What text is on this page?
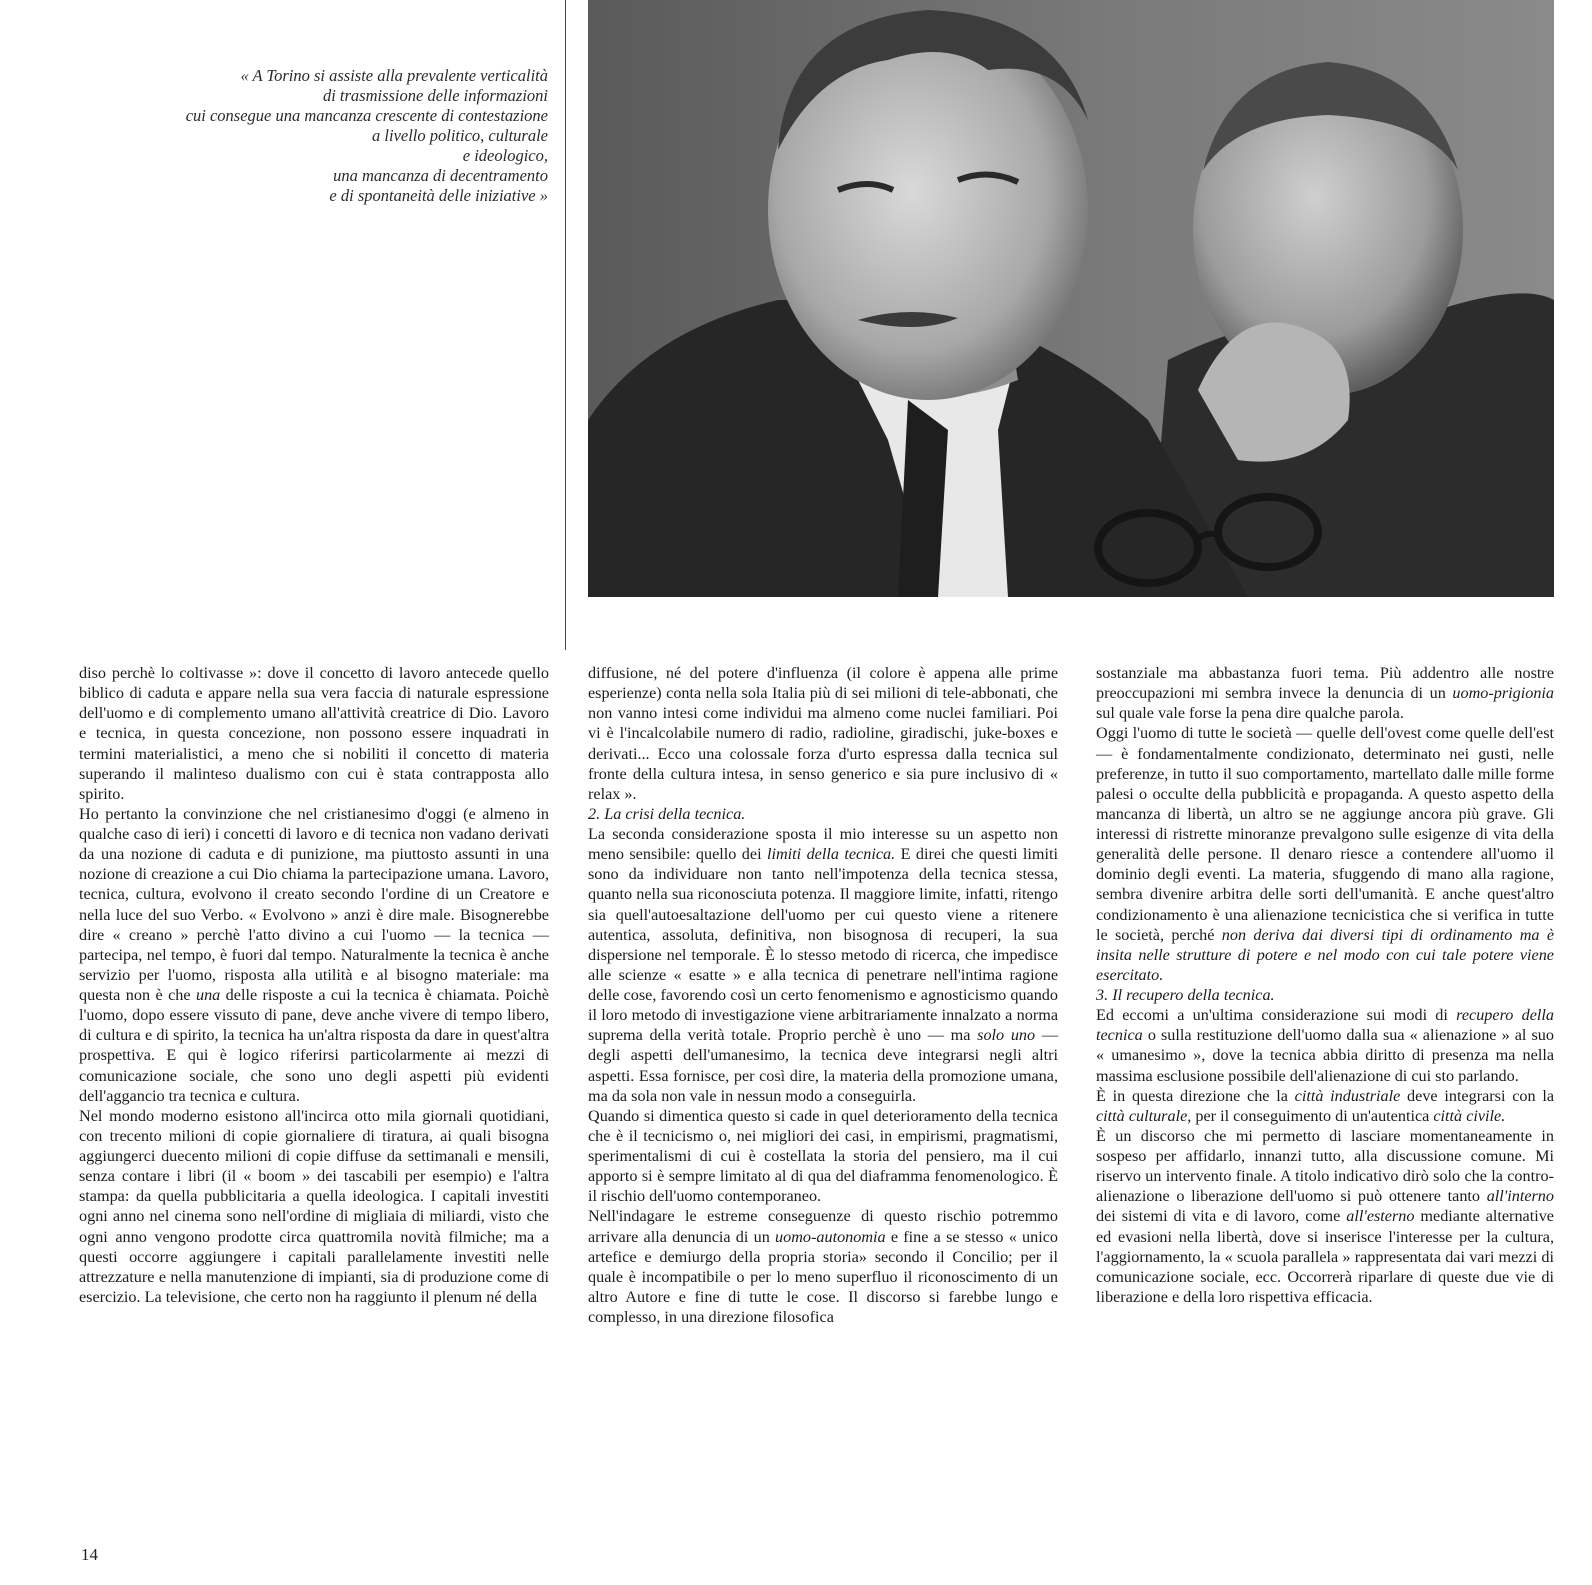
« A Torino si assiste alla prevalente verticalità
di trasmissione delle informazioni
cui consegue una mancanza crescente di contestazione
a livello politico, culturale
e ideologico,
una mancanza di decentramento
e di spontaneità delle iniziative »

diso perchè lo coltivasse »: dove il concetto di lavoro antecede quello biblico di caduta e appare nella sua vera faccia di naturale espressione dell'uomo e di complemento umano all'attività creatrice di Dio. Lavoro e tecnica, in questa concezione, non possono essere inquadrati in termini materialistici, a meno che si nobiliti il concetto di materia superando il malinteso dualismo con cui è stata contrapposta allo spirito.

Ho pertanto la convinzione che nel cristianesimo d'oggi (e almeno in qualche caso di ieri) i concetti di lavoro e di tecnica non vadano derivati da una nozione di caduta e di punizione, ma piuttosto assunti in una nozione di creazione a cui Dio chiama la partecipazione umana. Lavoro, tecnica, cultura, evolvono il creato secondo l'ordine di un Creatore e nella luce del suo Verbo. « Evolvono » anzi è dire male. Bisognerebbe dire « creano » perchè l'atto divino a cui l'uomo — la tecnica — partecipa, nel tempo, è fuori dal tempo. Naturalmente la tecnica è anche servizio per l'uomo, risposta alla utilità e al bisogno materiale: ma questa non è che una delle risposte a cui la tecnica è chiamata. Poichè l'uomo, dopo essere vissuto di pane, deve anche vivere di tempo libero, di cultura e di spirito, la tecnica ha un'altra risposta da dare in quest'altra prospettiva. E qui è logico riferirsi particolarmente ai mezzi di comunicazione sociale, che sono uno degli aspetti più evidenti dell'aggancio tra tecnica e cultura.

Nel mondo moderno esistono all'incirca otto mila giornali quotidiani, con trecento milioni di copie giornaliere di tiratura, ai quali bisogna aggiungerci duecento milioni di copie diffuse da settimanali e mensili, senza contare i libri (il « boom » dei tascabili per esempio) e l'altra stampa: da quella pubblicitaria a quella ideologica. I capitali investiti ogni anno nel cinema sono nell'ordine di migliaia di miliardi, visto che ogni anno vengono prodotte circa quattromila novità filmiche; ma a questi occorre aggiungere i capitali parallelamente investiti nelle attrezzature e nella manutenzione di impianti, sia di produzione come di esercizio. La televisione, che certo non ha raggiunto il plenum né della

diffusione, né del potere d'influenza (il colore è appena alle prime esperienze) conta nella sola Italia più di sei milioni di tele-abbonati, che non vanno intesi come individui ma almeno come nuclei familiari. Poi vi è l'incalcolabile numero di radio, radioline, giradischi, juke-boxes e derivati... Ecco una colossale forza d'urto espressa dalla tecnica sul fronte della cultura intesa, in senso generico e sia pure inclusivo di « relax ».

2. La crisi della tecnica.

La seconda considerazione sposta il mio interesse su un aspetto non meno sensibile: quello dei limiti della tecnica. E direi che questi limiti sono da individuare non tanto nell'impotenza della tecnica stessa, quanto nella sua riconosciuta potenza. Il maggiore limite, infatti, ritengo sia quell'autoesaltazione dell'uomo per cui questo viene a ritenere autentica, assoluta, definitiva, non bisognosa di recuperi, la sua dispersione nel temporale. È lo stesso metodo di ricerca, che impedisce alle scienze « esatte » e alla tecnica di penetrare nell'intima ragione delle cose, favorendo così un certo fenomenismo e agnosticismo quando il loro metodo di investigazione viene arbitrariamente innalzato a norma suprema della verità totale. Proprio perchè è uno — ma solo uno — degli aspetti dell'umanesimo, la tecnica deve integrarsi negli altri aspetti. Essa fornisce, per così dire, la materia della promozione umana, ma da sola non vale in nessun modo a conseguirla.

Quando si dimentica questo si cade in quel deterioramento della tecnica che è il tecnicismo o, nei migliori dei casi, in empirismi, pragmatismi, sperimentalismi di cui è costellata la storia del pensiero, ma il cui apporto si è sempre limitato al di qua del diaframma fenomenologico. È il rischio dell'uomo contemporaneo.

Nell'indagare le estreme conseguenze di questo rischio potremmo arrivare alla denuncia di un uomo-autonomia e fine a se stesso « unico artefice e demiurgo della propria storia» secondo il Concilio; per il quale è incompatibile o per lo meno superfluo il riconoscimento di un altro Autore e fine di tutte le cose. Il discorso si farebbe lungo e complesso, in una direzione filosofica

sostanziale ma abbastanza fuori tema. Più addentro alle nostre preoccupazioni mi sembra invece la denuncia di un uomo-prigionia sul quale vale forse la pena dire qualche parola.

Oggi l'uomo di tutte le società — quelle dell'ovest come quelle dell'est — è fondamentalmente condizionato, determinato nei gusti, nelle preferenze, in tutto il suo comportamento, martellato dalle mille forme palesi o occulte della pubblicità e propaganda. A questo aspetto della mancanza di libertà, un altro se ne aggiunge ancora più grave. Gli interessi di ristrette minoranze prevalgono sulle esigenze di vita della generalità delle persone. Il denaro riesce a contendere all'uomo il dominio degli eventi. La materia, sfuggendo di mano alla ragione, sembra divenire arbitra delle sorti dell'umanità. E anche quest'altro condizionamento è una alienazione tecnicistica che si verifica in tutte le società, perché non deriva dai diversi tipi di ordinamento ma è insita nelle strutture di potere e nel modo con cui tale potere viene esercitato.

3. Il recupero della tecnica.

Ed eccomi a un'ultima considerazione sui modi di recupero della tecnica o sulla restituzione dell'uomo dalla sua « alienazione » al suo « umanesimo », dove la tecnica abbia diritto di presenza ma nella massima esclusione possibile dell'alienazione di cui sto parlando.

È in questa direzione che la città industriale deve integrarsi con la città culturale, per il conseguimento di un'autentica città civile.

È un discorso che mi permetto di lasciare momentaneamente in sospeso per affidarlo, innanzi tutto, alla discussione comune. Mi riservo un intervento finale. A titolo indicativo dirò solo che la contro-alienazione o liberazione dell'uomo si può ottenere tanto all'interno dei sistemi di vita e di lavoro, come all'esterno mediante alternative ed evasioni nella libertà, dove si inserisce l'interesse per la cultura, l'aggiornamento, la « scuola parallela » rappresentata dai vari mezzi di comunicazione sociale, ecc. Occorrerà riparlare di queste due vie di liberazione e della loro rispettiva efficacia.

14
